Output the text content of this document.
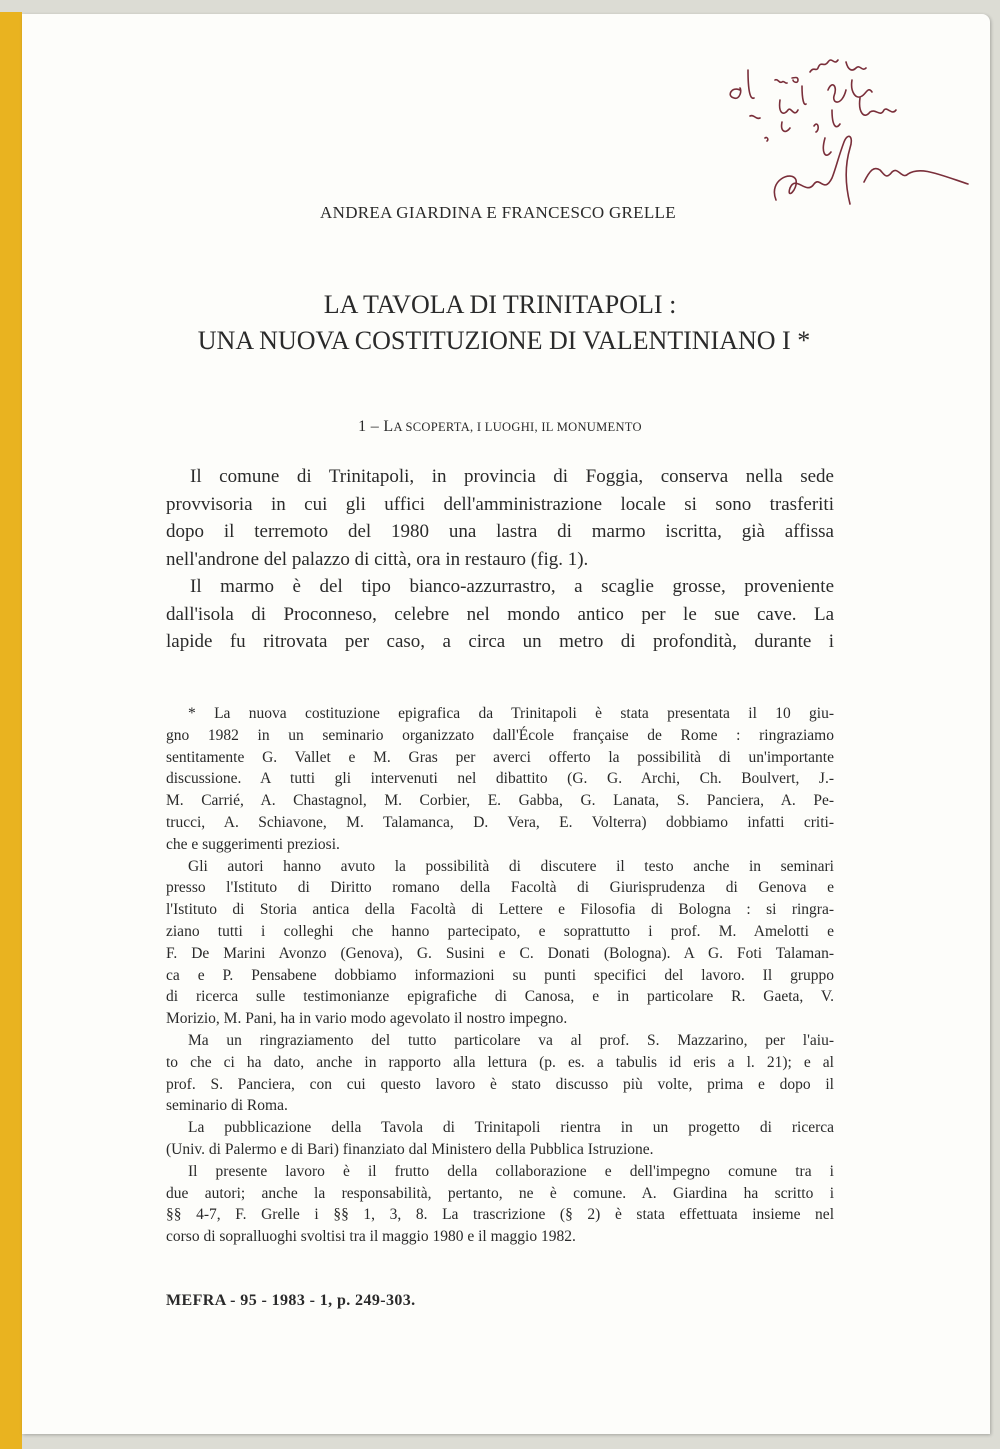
ANDREA GIARDINA E FRANCESCO GRELLE
LA TAVOLA DI TRINITAPOLI :
UNA NUOVA COSTITUZIONE DI VALENTINIANO I *
1 – LA SCOPERTA, I LUOGHI, IL MONUMENTO
Il comune di Trinitapoli, in provincia di Foggia, conserva nella sede
provvisoria in cui gli uffici dell'amministrazione locale si sono trasferiti
dopo il terremoto del 1980 una lastra di marmo iscritta, già affissa
nell'androne del palazzo di città, ora in restauro (fig. 1).
Il marmo è del tipo bianco-azzurrastro, a scaglie grosse, proveniente
dall'isola di Proconneso, celebre nel mondo antico per le sue cave. La
lapide fu ritrovata per caso, a circa un metro di profondità, durante i
* La nuova costituzione epigrafica da Trinitapoli è stata presentata il 10 giu-
gno 1982 in un seminario organizzato dall'École française de Rome : ringraziamo
sentitamente G. Vallet e M. Gras per averci offerto la possibilità di un'importante
discussione. A tutti gli intervenuti nel dibattito (G. G. Archi, Ch. Boulvert, J.-
M. Carrié, A. Chastagnol, M. Corbier, E. Gabba, G. Lanata, S. Panciera, A. Pe-
trucci, A. Schiavone, M. Talamanca, D. Vera, E. Volterra) dobbiamo infatti criti-
che e suggerimenti preziosi.
Gli autori hanno avuto la possibilità di discutere il testo anche in seminari
presso l'Istituto di Diritto romano della Facoltà di Giurisprudenza di Genova e
l'Istituto di Storia antica della Facoltà di Lettere e Filosofia di Bologna : si ringra-
ziano tutti i colleghi che hanno partecipato, e soprattutto i prof. M. Amelotti e
F. De Marini Avonzo (Genova), G. Susini e C. Donati (Bologna). A G. Foti Talaman-
ca e P. Pensabene dobbiamo informazioni su punti specifici del lavoro. Il gruppo
di ricerca sulle testimonianze epigrafiche di Canosa, e in particolare R. Gaeta, V.
Morizio, M. Pani, ha in vario modo agevolato il nostro impegno.
Ma un ringraziamento del tutto particolare va al prof. S. Mazzarino, per l'aiu-
to che ci ha dato, anche in rapporto alla lettura (p. es. a tabulis id eris a l. 21); e al
prof. S. Panciera, con cui questo lavoro è stato discusso più volte, prima e dopo il
seminario di Roma.
La pubblicazione della Tavola di Trinitapoli rientra in un progetto di ricerca
(Univ. di Palermo e di Bari) finanziato dal Ministero della Pubblica Istruzione.
Il presente lavoro è il frutto della collaborazione e dell'impegno comune tra i
due autori; anche la responsabilità, pertanto, ne è comune. A. Giardina ha scritto i
§§ 4-7, F. Grelle i §§ 1, 3, 8. La trascrizione (§ 2) è stata effettuata insieme nel
corso di sopralluoghi svoltisi tra il maggio 1980 e il maggio 1982.
MEFRA - 95 - 1983 - 1, p. 249-303.
